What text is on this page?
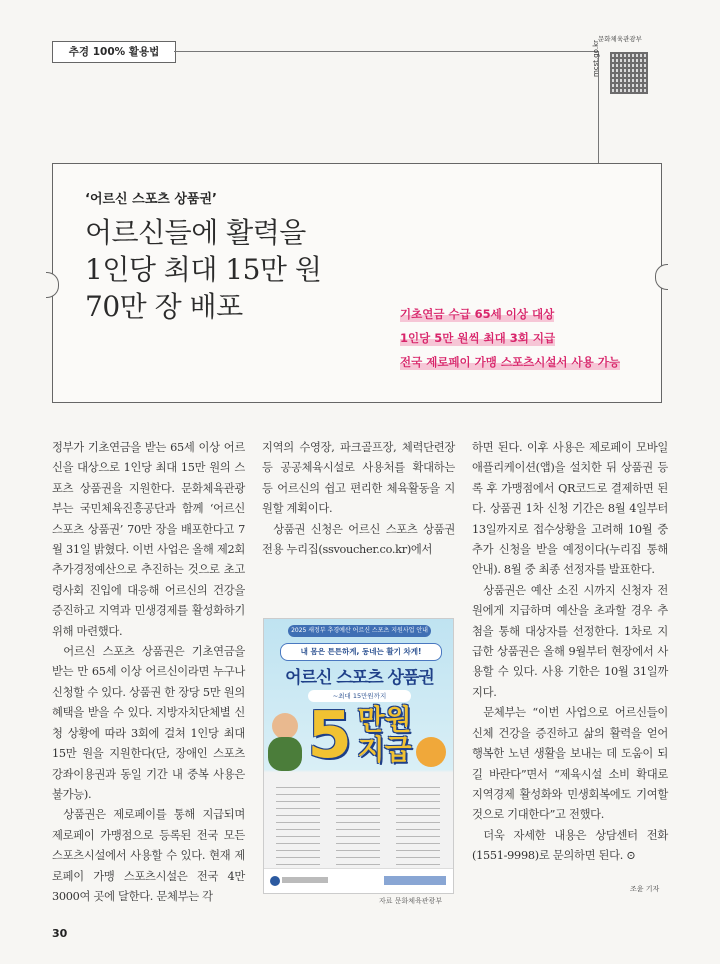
추경 100% 활용법
문화체육관광부
mcst.go.kr
‘어르신 스포츠 상품권’
어르신들에 활력을
1인당 최대 15만 원
70만 장 배포	기초연금 수급 65세 이상 대상
1인당 5만 원씩 최대 3회 지급
전국 제로페이 가맹 스포츠시설서 사용 가능

정부가 기초연금을 받는 65세 이상 어르신을 대상으로 1인당 최대 15만 원의 스포츠 상품권을 지원한다. 문화체육관광부는 국민체육진흥공단과 함께 ‘어르신 스포츠 상품권’ 70만 장을 배포한다고 7월 31일 밝혔다. 이번 사업은 올해 제2회 추가경정예산으로 추진하는 것으로 초고령사회 진입에 대응해 어르신의 건강을 증진하고 지역과 민생경제를 활성화하기 위해 마련했다.

어르신 스포츠 상품권은 기초연금을 받는 만 65세 이상 어르신이라면 누구나 신청할 수 있다. 상품권 한 장당 5만 원의 혜택을 받을 수 있다. 지방자치단체별 신청 상황에 따라 3회에 걸쳐 1인당 최대 15만 원을 지원한다(단, 장애인 스포츠강좌이용권과 동일 기간 내 중복 사용은 불가능).

상품권은 제로페이를 통해 지급되며 제로페이 가맹점으로 등록된 전국 모든 스포츠시설에서 사용할 수 있다. 현재 제로페이 가맹 스포츠시설은 전국 4만 3000여 곳에 달한다. 문체부는 각

지역의 수영장, 파크골프장, 체력단련장 등 공공체육시설로 사용처를 확대하는 등 어르신의 쉽고 편리한 체육활동을 지원할 계획이다.

상품권 신청은 어르신 스포츠 상품권 전용 누리집(ssvoucher.co.kr)에서

하면 된다. 이후 사용은 제로페이 모바일 애플리케이션(앱)을 설치한 뒤 상품권 등록 후 가맹점에서 QR코드로 결제하면 된다. 상품권 1차 신청 기간은 8월 4일부터 13일까지로 접수상황을 고려해 10월 중 추가 신청을 받을 예정이다(누리집 통해 안내). 8월 중 최종 선정자를 발표한다.

상품권은 예산 소진 시까지 신청자 전원에게 지급하며 예산을 초과할 경우 추첨을 통해 대상자를 선정한다. 1차로 지급한 상품권은 올해 9월부터 현장에서 사용할 수 있다. 사용 기한은 10월 31일까지다.

문체부는 “이번 사업으로 어르신들이 신체 건강을 증진하고 삶의 활력을 얻어 행복한 노년 생활을 보내는 데 도움이 되길 바란다”면서 “제육시설 소비 확대로 지역경제 활성화와 민생회복에도 기여할 것으로 기대한다”고 전했다.

더욱 자세한 내용은 상담센터 전화(1551-9998)로 문의하면 된다. ⊙

2025 새정부 추경예산 어르신 스포츠 지원사업 안내
내 몸은 튼튼하게, 동네는 활기 차게!
어르신 스포츠 상품권
~최대 15만원까지
5 만원
지급
자료 문화체육관광부
조윤 기자
30
